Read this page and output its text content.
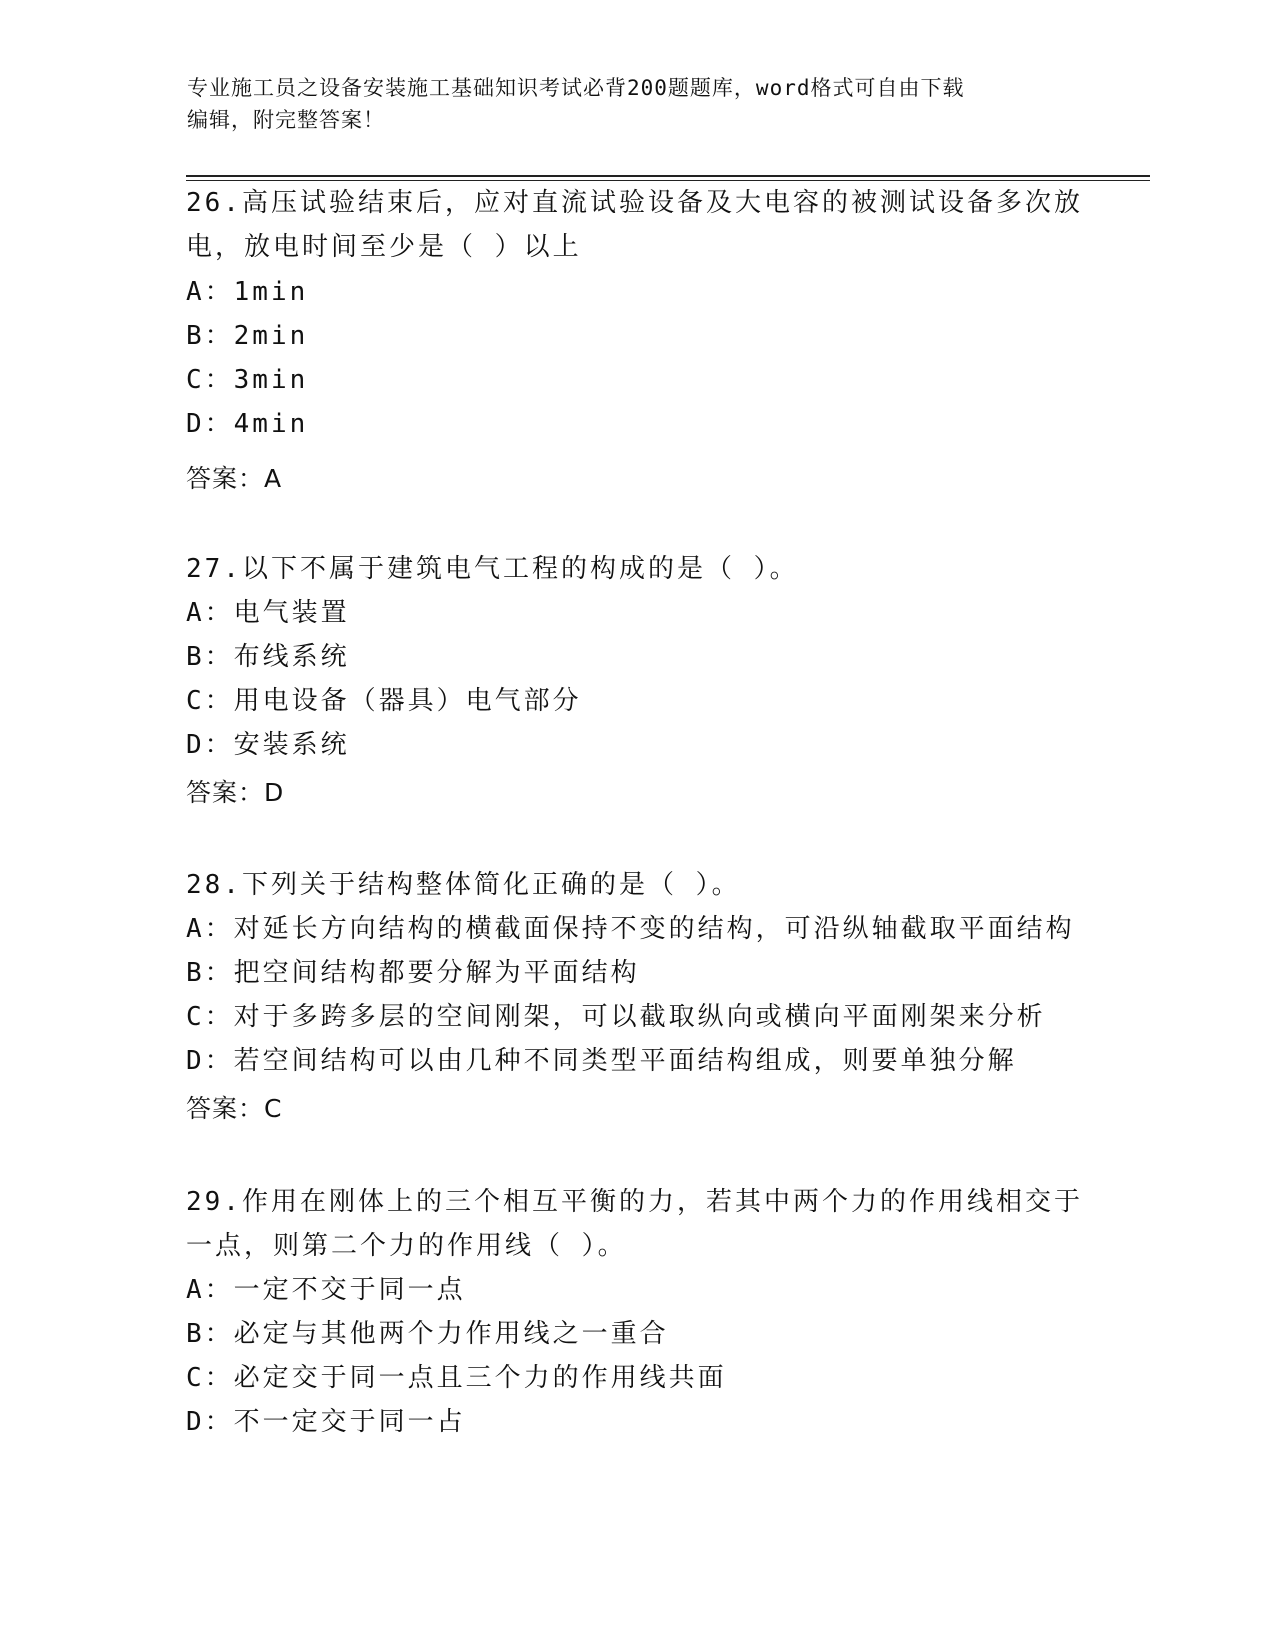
专业施工员之设备安装施工基础知识考试必背200题题库，word格式可自由下载
编辑，附完整答案！
26.高压试验结束后，应对直流试验设备及大电容的被测试设备多次放
电，放电时间至少是（ ）以上
A：1min
B：2min
C：3min
D：4min
答案：A
27.以下不属于建筑电气工程的构成的是（ ）。
A：电气装置
B：布线系统
C：用电设备（器具）电气部分
D：安装系统
答案：D
28.下列关于结构整体简化正确的是（ ）。
A：对延长方向结构的横截面保持不变的结构，可沿纵轴截取平面结构
B：把空间结构都要分解为平面结构
C：对于多跨多层的空间刚架，可以截取纵向或横向平面刚架来分析
D：若空间结构可以由几种不同类型平面结构组成，则要单独分解
答案：C
29.作用在刚体上的三个相互平衡的力，若其中两个力的作用线相交于
一点，则第二个力的作用线（ ）。
A：一定不交于同一点
B：必定与其他两个力作用线之一重合
C：必定交于同一点且三个力的作用线共面
D：不一定交于同一占
